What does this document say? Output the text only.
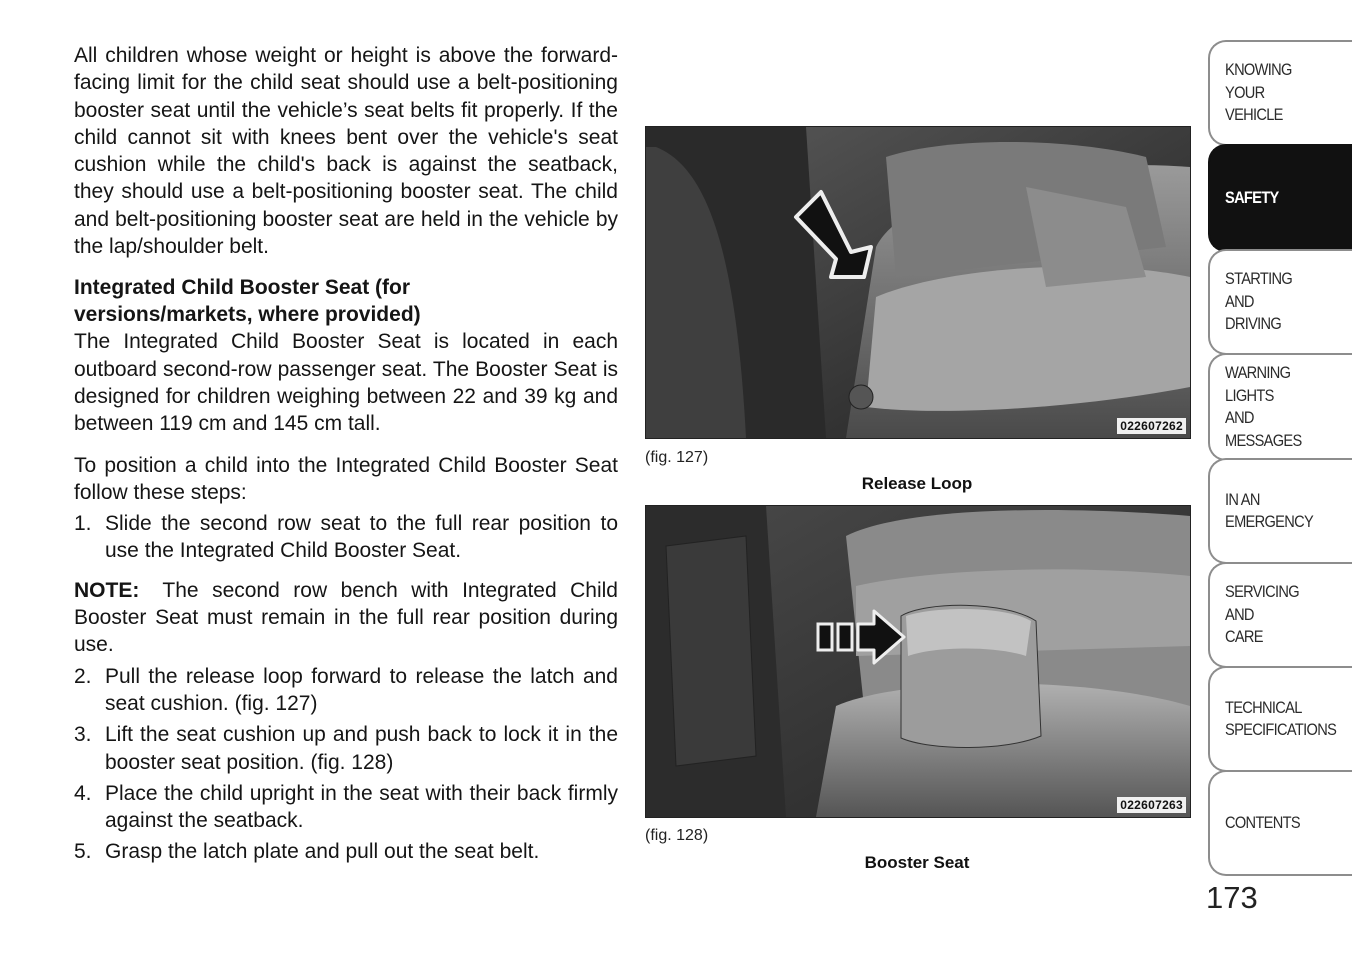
All children whose weight or height is above the forward-facing limit for the child seat should use a belt-positioning booster seat until the vehicle’s seat belts fit properly. If the child cannot sit with knees bent over the vehicle's seat cushion while the child's back is against the seatback, they should use a belt-positioning booster seat. The child and belt-positioning booster seat are held in the vehicle by the lap/shoulder belt.

Integrated Child Booster Seat (for
versions/markets, where provided)

The Integrated Child Booster Seat is located in each outboard second-row passenger seat. The Booster Seat is designed for children weighing between 22 and 39 kg and between 119 cm and 145 cm tall.

To position a child into the Integrated Child Booster Seat follow these steps:

1. Slide the second row seat to the full rear position to use the Integrated Child Booster Seat.

NOTE: The second row bench with Integrated Child Booster Seat must remain in the full rear position during use.

2. Pull the release loop forward to release the latch and seat cushion. (fig. 127)
3. Lift the seat cushion up and push back to lock it in the booster seat position. (fig. 128)
4. Place the child upright in the seat with their back firmly against the seatback.
5. Grasp the latch plate and pull out the seat belt.
022607262
(fig. 127)
Release Loop
022607263
(fig. 128)
Booster Seat
KNOWING
YOUR
VEHICLE
SAFETY
STARTING
AND
DRIVING
WARNING
LIGHTS
AND
MESSAGES
IN AN
EMERGENCY
SERVICING
AND
CARE
TECHNICAL
SPECIFICATIONS
CONTENTS
173
